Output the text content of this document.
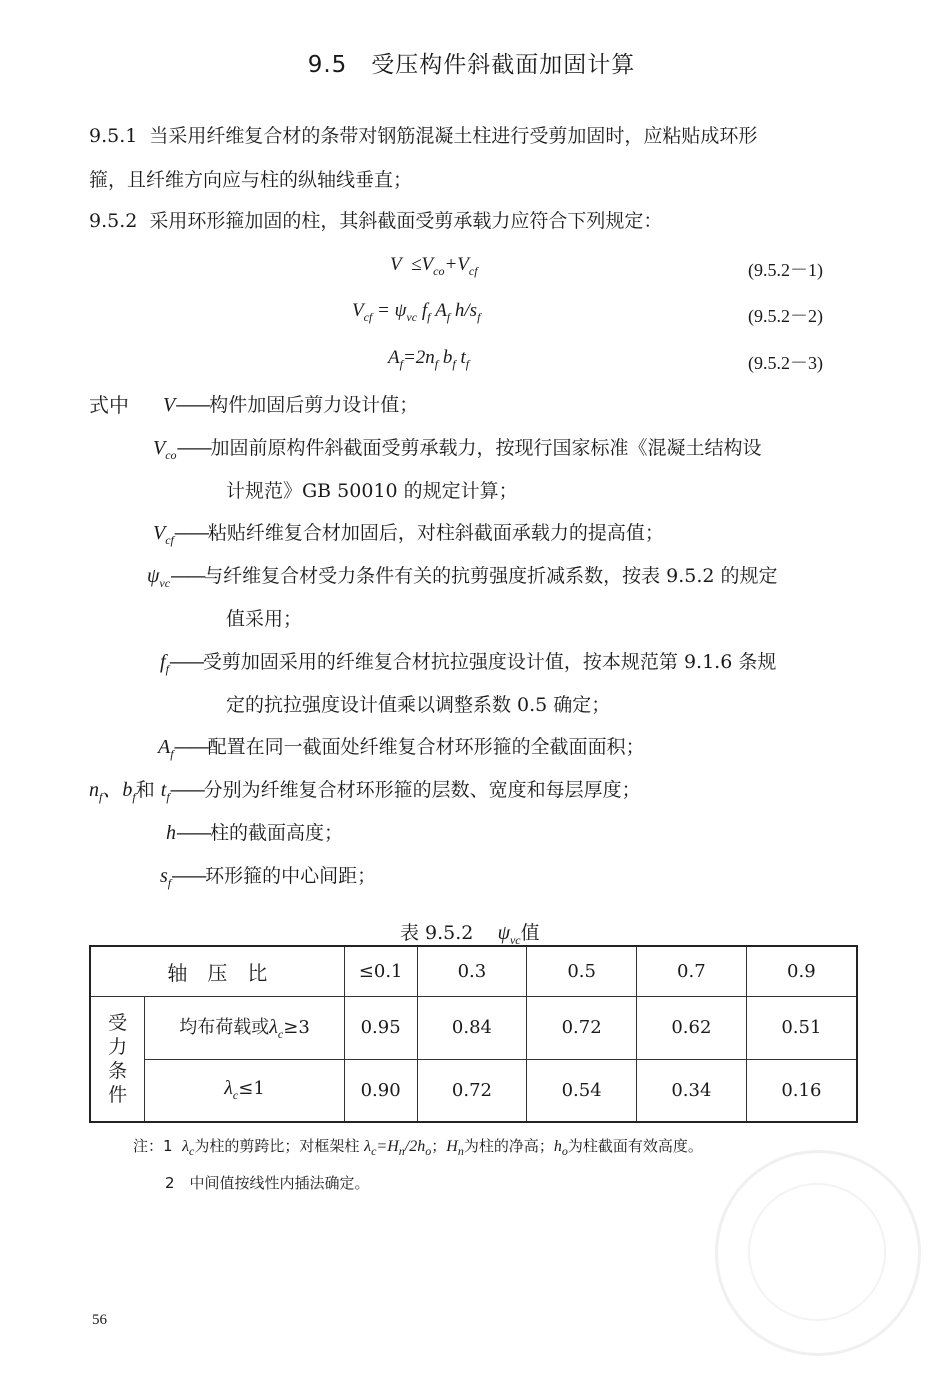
9.5　受压构件斜截面加固计算
9.5.1 当采用纤维复合材的条带对钢筋混凝土柱进行受剪加固时，应粘贴成环形
箍，且纤维方向应与柱的纵轴线垂直；
9.5.2 采用环形箍加固的柱，其斜截面受剪承载力应符合下列规定：
$V \le V_{co}+V_{cf}$	(9.5.2－1)
$V_{cf} = \psi_{vc}$ $f_f$ $A_f$ $h/s_f$	(9.5.2－2)
$A_f=2n_f$ $b_f$ $t_f$	(9.5.2－3)
式中 V——构件加固后剪力设计值；
$V_{co}——$加固前原构件斜截面受剪承载力，按现行国家标准《混凝土结构设
计规范》GB 50010 的规定计算；
$V_{cf}——$粘贴纤维复合材加固后，对柱斜截面承载力的提高值；
$\psi_{vc}——$与纤维复合材受力条件有关的抗剪强度折减系数，按表 9.5.2 的规定
值采用；
$f_f——$受剪加固采用的纤维复合材抗拉强度设计值，按本规范第 9.1.6 条规
定的抗拉强度设计值乘以调整系数 0.5 确定；
$A_f——$配置在同一截面处纤维复合材环形箍的全截面面积；
$n_f$、$b_f$和 $t_f——$分别为纤维复合材环形箍的层数、宽度和每层厚度；
h——柱的截面高度；
$s_f——$环形箍的中心间距；
表 9.5.2 $\psi_{vc}$值
轴　压　比		≤0.1	0.3	0.5	0.7	0.9

受
力
条
件	均布荷载或$\lambda_c\ge 3$	0.95	0.84	0.72	0.62	0.51
	$\lambda_c\le 1$	0.90	0.72	0.54	0.34	0.16
注：1 $\lambda_c$为柱的剪跨比；对框架柱 $\lambda_c=H_n/2h_o$；$H_n$为柱的净高；$h_o$为柱截面有效高度。
2　中间值按线性内插法确定。
56
